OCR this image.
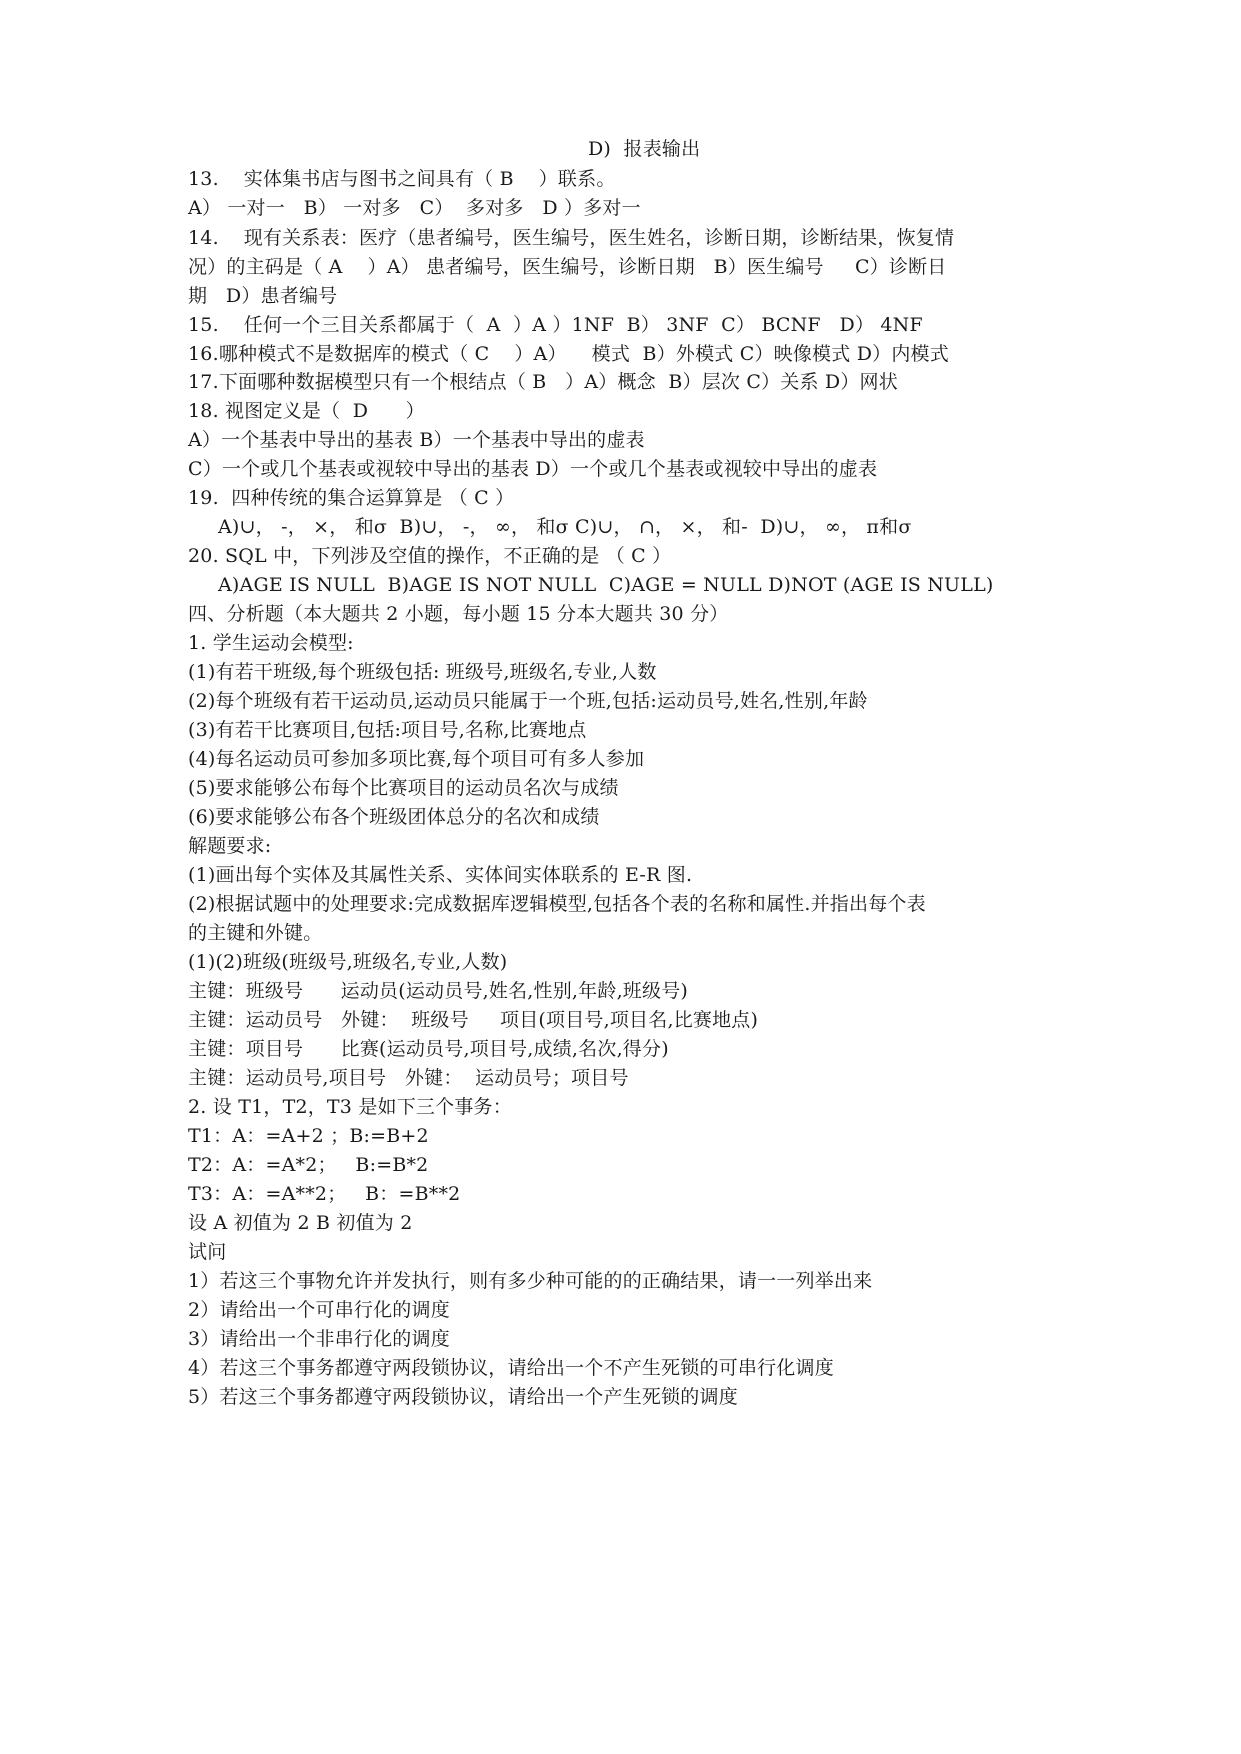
D)  报表输出
13.    实体集书店与图书之间具有（ B    ）联系。
A） 一对一   B） 一对多   C）  多对多   D ）多对一
14.    现有关系表：医疗（患者编号，医生编号，医生姓名，诊断日期，诊断结果，恢复情
况）的主码是（ A    ）A） 患者编号，医生编号，诊断日期   B）医生编号     C）诊断日
期   D）患者编号
15.    任何一个三目关系都属于（  A  ）A ）1NF  B） 3NF  C） BCNF   D） 4NF
16.哪种模式不是数据库的模式（ C    ）A）    模式  B）外模式 C）映像模式 D）内模式
17.下面哪种数据模型只有一个根结点（ B   ）A）概念  B）层次 C）关系 D）网状
18. 视图定义是（  D      ）
A）一个基表中导出的基表 B）一个基表中导出的虚表
C）一个或几个基表或视较中导出的基表 D）一个或几个基表或视较中导出的虚表
19.  四种传统的集合运算算是 （ C ）
A)∪， -， ×， 和σ  B)∪， -， ∞， 和σ C)∪， ∩， ×， 和-  D)∪， ∞， π和σ
20. SQL 中，下列涉及空值的操作，不正确的是 （ C ）
A)AGE IS NULL  B)AGE IS NOT NULL  C)AGE = NULL D)NOT (AGE IS NULL)
四、分析题（本大题共 2 小题，每小题 15 分本大题共 30 分）
1. 学生运动会模型:
(1)有若干班级,每个班级包括: 班级号,班级名,专业,人数
(2)每个班级有若干运动员,运动员只能属于一个班,包括:运动员号,姓名,性别,年龄
(3)有若干比赛项目,包括:项目号,名称,比赛地点
(4)每名运动员可参加多项比赛,每个项目可有多人参加
(5)要求能够公布每个比赛项目的运动员名次与成绩
(6)要求能够公布各个班级团体总分的名次和成绩
解题要求:
(1)画出每个实体及其属性关系、实体间实体联系的 E-R 图.
(2)根据试题中的处理要求:完成数据库逻辑模型,包括各个表的名称和属性.并指出每个表
的主键和外键。
(1)(2)班级(班级号,班级名,专业,人数)
主键：班级号      运动员(运动员号,姓名,性别,年龄,班级号)
主键：运动员号   外键：  班级号     项目(项目号,项目名,比赛地点)
主键：项目号      比赛(运动员号,项目号,成绩,名次,得分)
主键：运动员号,项目号   外键：  运动员号；项目号
2. 设 T1，T2，T3 是如下三个事务：
T1：A：=A+2 ；B:=B+2
T2：A：=A*2；   B:=B*2
T3：A：=A**2；   B：=B**2
设 A 初值为 2 B 初值为 2
试问
1）若这三个事物允许并发执行，则有多少种可能的的正确结果，请一一列举出来
2）请给出一个可串行化的调度
3）请给出一个非串行化的调度
4）若这三个事务都遵守两段锁协议，请给出一个不产生死锁的可串行化调度
5）若这三个事务都遵守两段锁协议，请给出一个产生死锁的调度
